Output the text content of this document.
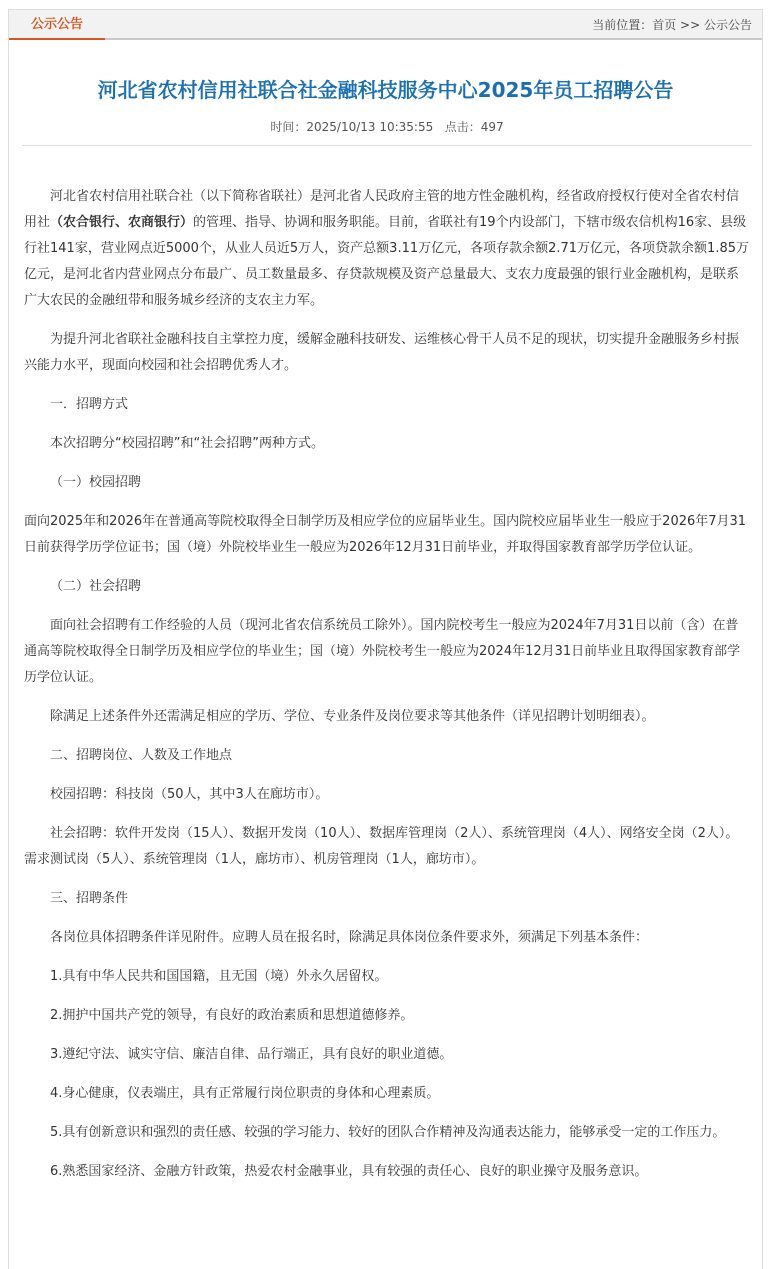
公示公告	当前位置：首页 >> 公示公告
河北省农村信用社联合社金融科技服务中心2025年员工招聘公告
时间：2025/10/13 10:35:55 点击：497

河北省农村信用社联合社（以下简称省联社）是河北省人民政府主管的地方性金融机构，经省政府授权行使对全省农村信用社（农合银行、农商银行）的管理、指导、协调和服务职能。目前，省联社有19个内设部门，下辖市级农信机构16家、县级行社141家，营业网点近5000个，从业人员近5万人，资产总额3.11万亿元，各项存款余额2.71万亿元，各项贷款余额1.85万亿元，是河北省内营业网点分布最广、员工数量最多、存贷款规模及资产总量最大、支农力度最强的银行业金融机构，是联系广大农民的金融纽带和服务城乡经济的支农主力军。

为提升河北省联社金融科技自主掌控力度，缓解金融科技研发、运维核心骨干人员不足的现状，切实提升金融服务乡村振兴能力水平，现面向校园和社会招聘优秀人才。

一．招聘方式

本次招聘分“校园招聘”和“社会招聘”两种方式。

（一）校园招聘

面向2025年和2026年在普通高等院校取得全日制学历及相应学位的应届毕业生。国内院校应届毕业生一般应于2026年7月31日前获得学历学位证书；国（境）外院校毕业生一般应为2026年12月31日前毕业，并取得国家教育部学历学位认证。

（二）社会招聘

面向社会招聘有工作经验的人员（现河北省农信系统员工除外）。国内院校考生一般应为2024年7月31日以前（含）在普通高等院校取得全日制学历及相应学位的毕业生；国（境）外院校考生一般应为2024年12月31日前毕业且取得国家教育部学历学位认证。

除满足上述条件外还需满足相应的学历、学位、专业条件及岗位要求等其他条件（详见招聘计划明细表）。

二、招聘岗位、人数及工作地点

校园招聘：科技岗（50人，其中3人在廊坊市）。

社会招聘：软件开发岗（15人）、数据开发岗（10人）、数据库管理岗（2人）、系统管理岗（4人）、网络安全岗（2人）。需求测试岗（5人）、系统管理岗（1人，廊坊市）、机房管理岗（1人，廊坊市）。

三、招聘条件

各岗位具体招聘条件详见附件。应聘人员在报名时，除满足具体岗位条件要求外，须满足下列基本条件：

1.具有中华人民共和国国籍，且无国（境）外永久居留权。

2.拥护中国共产党的领导，有良好的政治素质和思想道德修养。

3.遵纪守法、诚实守信、廉洁自律、品行端正，具有良好的职业道德。

4.身心健康，仪表端庄，具有正常履行岗位职责的身体和心理素质。

5.具有创新意识和强烈的责任感、较强的学习能力、较好的团队合作精神及沟通表达能力，能够承受一定的工作压力。

6.熟悉国家经济、金融方针政策，热爱农村金融事业，具有较强的责任心、良好的职业操守及服务意识。
